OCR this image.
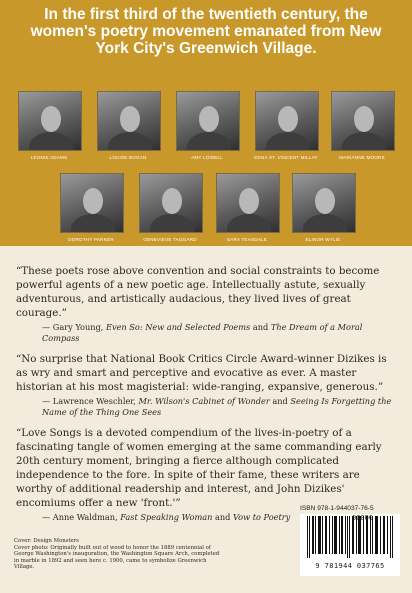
In the first third of the twentieth century, the women's poetry movement emanated from New York City's Greenwich Village.
LEONIE ADAMS	LOUISE BOGAN	AMY LOWELL	EDNA ST. VINCENT MILLAY	MARIANNE MOORE
DOROTHY PARKER	GENEVIEVE TAGGARD	SARA TEASDALE	ELINOR WYLIE

“These poets rose above convention and social constraints to become powerful agents of a new poetic age. Intellectually astute, sexually adventurous, and artistically audacious, they lived lives of great courage.”

— Gary Young, Even So: New and Selected Poems and The Dream of a Moral Compass

“No surprise that National Book Critics Circle Award-winner Dizikes is as wry and smart and perceptive and evocative as ever. A master historian at his most magisterial: wide-ranging, expansive, generous.”

— Lawrence Weschler, Mr. Wilson's Cabinet of Wonder and Seeing Is Forgetting the Name of the Thing One Sees

“Love Songs is a devoted compendium of the lives-in-poetry of a fascinating tangle of women emerging at the same commanding early 20th century moment, bringing a fierce although complicated independence to the fore. In spite of their fame, these writers are worthy of additional readership and interest, and John Dizikes' encomiums offer a new 'front.'”

— Anne Waldman, Fast Speaking Woman and Vow to Poetry
Cover: Design Monsters
Cover photo: Originally built out of wood to honor the 1889 centennial of George Washington's inauguration, the Washington Square Arch, completed in marble in 1892 and seen here c. 1900, came to symbolize Greenwich Village.
ISBN 978-1-944037-76-5
9 781944 037765
90000
